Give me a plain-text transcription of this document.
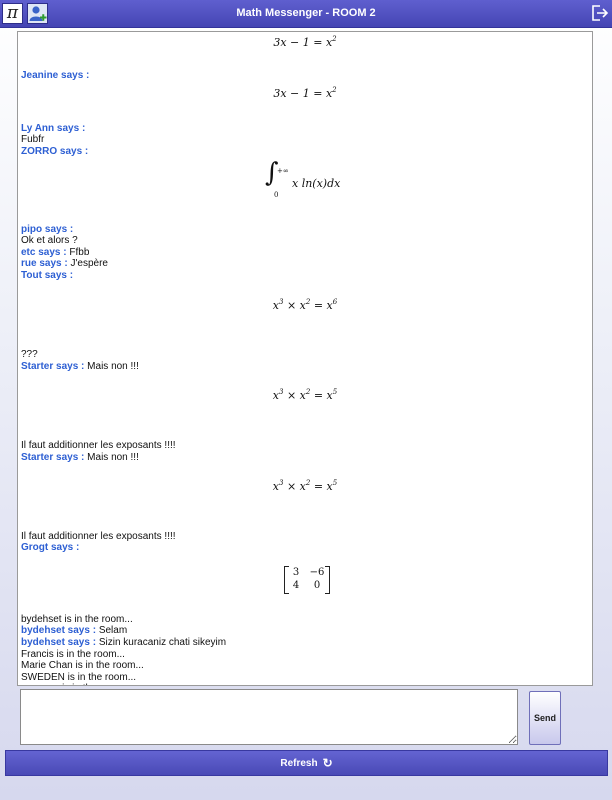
π	Math Messenger - ROOM 2
$3x - 1 = x^2$
Jeanine says :
$3x - 1 = x^2$
Ly Ann says :
Fubfr
ZORRO says :
∫
+∞
0
x ln(x)dx
pipo says :
Ok et alors ?
etc says : Ffbb
rue says : J'espère
Tout says :
$x^3 \times x^2 = x^6$
???
Starter says : Mais non !!!
$x^3 \times x^2 = x^5$
Il faut additionner les exposants !!!!
Starter says : Mais non !!!
$x^3 \times x^2 = x^5$
Il faut additionner les exposants !!!!
Grogt says :
3	−6
4	0
bydehset is in the room...
bydehset says : Selam
bydehset says : Sizin kuracaniz chati sikeyim
Francis is in the room...
Marie Chan is in the room...
SWEDEN is in the room...
Send
Refresh ↻
